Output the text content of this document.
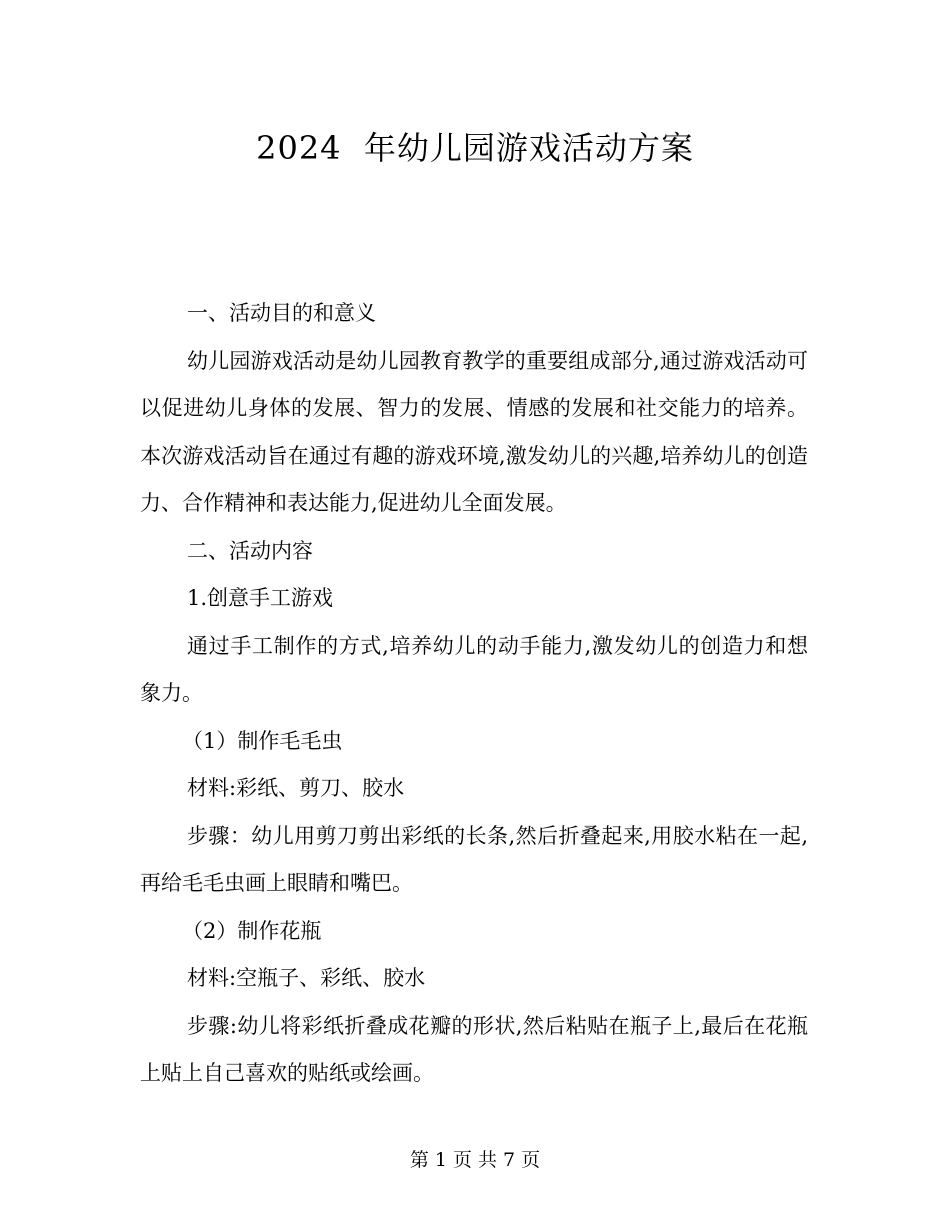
2024  年幼儿园游戏活动方案

一、活动目的和意义

幼儿园游戏活动是幼儿园教育教学的重要组成部分,通过游戏活动可以促进幼儿身体的发展、智力的发展、情感的发展和社交能力的培养。本次游戏活动旨在通过有趣的游戏环境,激发幼儿的兴趣,培养幼儿的创造力、合作精神和表达能力,促进幼儿全面发展。

二、活动内容

1.创意手工游戏

通过手工制作的方式,培养幼儿的动手能力,激发幼儿的创造力和想象力。

（1）制作毛毛虫

材料:彩纸、剪刀、胶水

步骤：幼儿用剪刀剪出彩纸的长条,然后折叠起来,用胶水粘在一起,再给毛毛虫画上眼睛和嘴巴。

（2）制作花瓶

材料:空瓶子、彩纸、胶水

步骤:幼儿将彩纸折叠成花瓣的形状,然后粘贴在瓶子上,最后在花瓶上贴上自己喜欢的贴纸或绘画。

第 1 页 共 7 页
